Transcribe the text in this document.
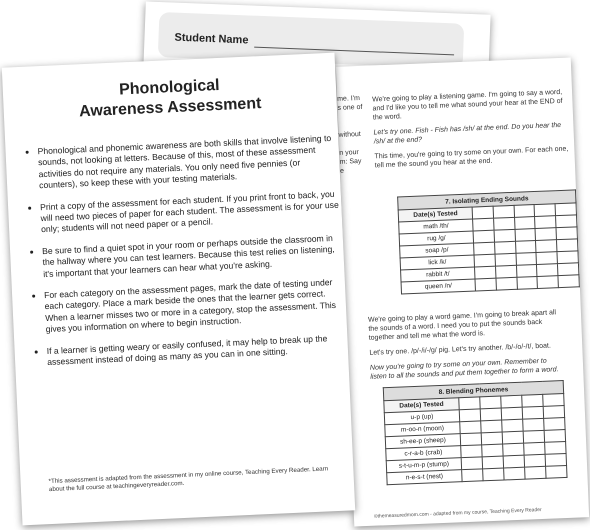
Student Name
me. I'm
s one of
without
n your
m: Say
e

We're going to play a listening game. I'm going to say a word, and I'd like you to tell me what sound your hear at the END of the word.

Let's try one. Fish - Fish has /sh/ at the end. Do you hear the /sh/ at the end?

This time, you're going to try some on your own. For each one, tell me the sound you hear at the end.

7. Isolating Ending Sounds					
Date(s) Tested					
math /th/					
rug /g/					
soap /p/					
lick /k/					
rabbit /t/					
queen /n/					

We're going to play a word game. I'm going to break apart all the sounds of a word. I need you to put the sounds back together and tell me what the word is.

Let's try one. /p/-/i/-/g/ pig. Let's try another. /b/-/o/-/t/, boat.

Now you're going to try some on your own. Remember to listen to all the sounds and put them together to form a word.

8. Blending Phonemes					
Date(s) Tested					
u-p (up)					
m-oo-n (moon)					
sh-ee-p (sheep)					
c-r-a-b (crab)					
s-t-u-m-p (stump)					
n-e-s-t (nest)					
©themeasuredmom.com - adapted from my course, Teaching Every Reader
Phonological
Awareness Assessment
• Phonological and phonemic awareness are both skills that involve listening to sounds, not looking at letters. Because of this, most of these assessment activities do not require any materials. You only need five pennies (or counters), so keep these with your testing materials.
• Print a copy of the assessment for each student. If you print front to back, you will need two pieces of paper for each student. The assessment is for your use only; students will not need paper or a pencil.
• Be sure to find a quiet spot in your room or perhaps outside the classroom in the hallway where you can test learners. Because this test relies on listening, it's important that your learners can hear what you're asking.
• For each category on the assessment pages, mark the date of testing under each category. Place a mark beside the ones that the learner gets correct. When a learner misses two or more in a category, stop the assessment. This gives you information on where to begin instruction.
• If a learner is getting weary or easily confused, it may help to break up the assessment instead of doing as many as you can in one sitting.
*This assessment is adapted from the assessment in my online course, Teaching Every Reader. Learn about the full course at teachingeveryreader.com.
